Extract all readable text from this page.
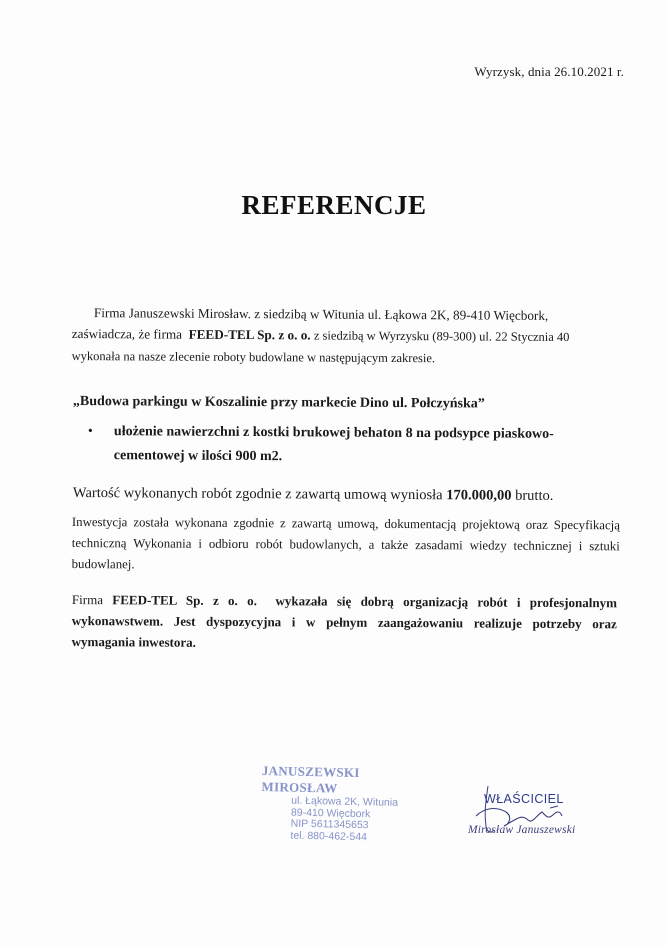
Wyrzysk, dnia 26.10.2021 r.
REFERENCJE
Firma Januszewski Mirosław. z siedzibą w Witunia ul. Łąkowa 2K, 89-410 Więcbork,
zaświadcza, że firma FEED-TEL Sp. z o. o. z siedzibą w Wyrzysku (89-300) ul. 22 Stycznia 40
wykonała na nasze zlecenie roboty budowlane w następującym zakresie.
„Budowa parkingu w Koszalinie przy markecie Dino ul. Połczyńska”
• ułożenie nawierzchni z kostki brukowej behaton 8 na podsypce piaskowo-cementowej w ilości 900 m2.
Wartość wykonanych robót zgodnie z zawartą umową wyniosła 170.000,00 brutto.
Inwestycja została wykonana zgodnie z zawartą umową, dokumentacją projektową oraz Specyfikacją techniczną Wykonania i odbioru robót budowlanych, a także zasadami wiedzy technicznej i sztuki budowlanej.
Firma FEED-TEL Sp. z o. o. wykazała się dobrą organizacją robót i profesjonalnym wykonawstwem. Jest dyspozycyjna i w pełnym zaangażowaniu realizuje potrzeby oraz wymagania inwestora.
JANUSZEWSKI MIROSŁAW
ul. Łąkowa 2K, Witunia
89-410 Więcbork
NIP 5611345653
tel. 880-462-544
WŁAŚCICIEL
Mirosław Januszewski
